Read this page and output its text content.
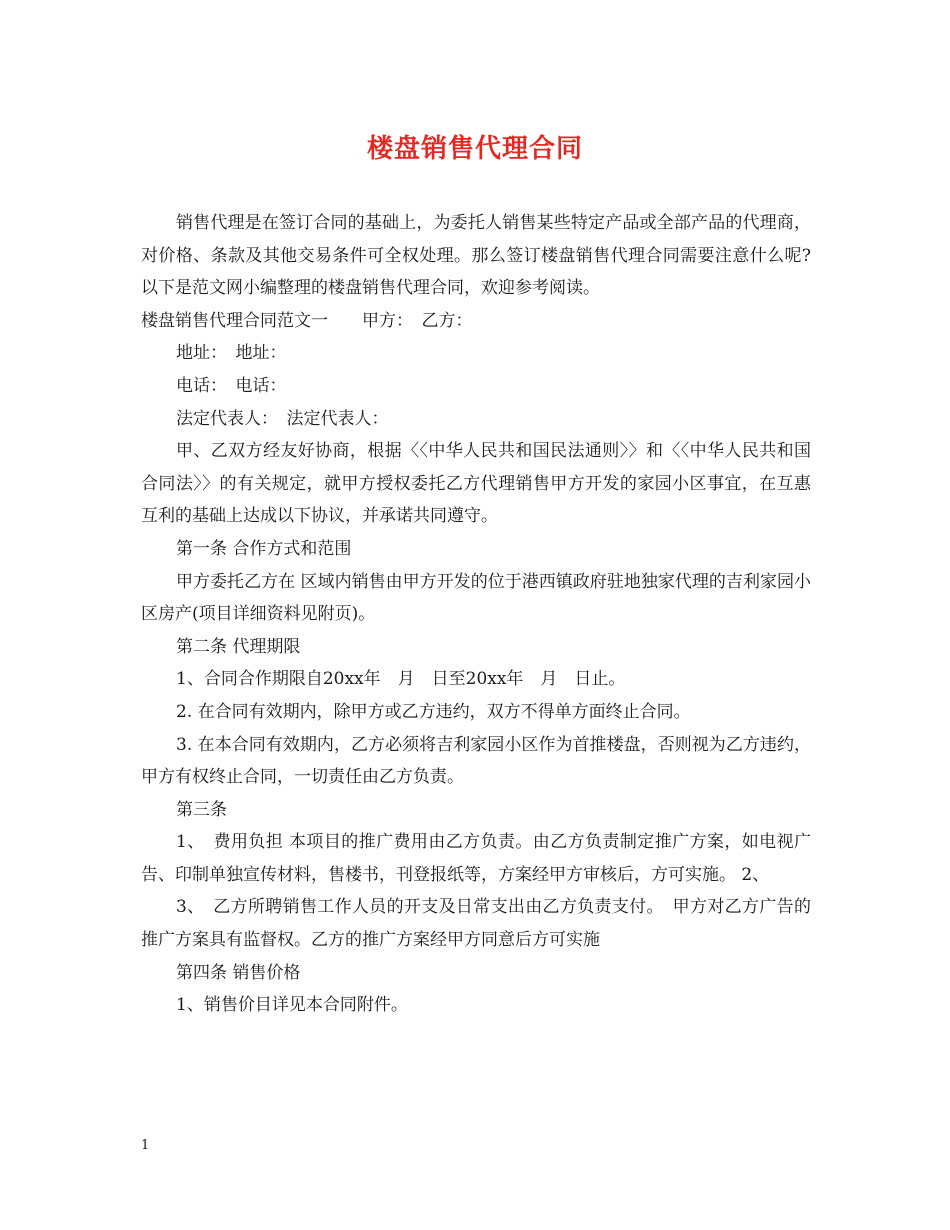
楼盘销售代理合同

销售代理是在签订合同的基础上，为委托人销售某些特定产品或全部产品的代理商，对价格、条款及其他交易条件可全权处理。那么签订楼盘销售代理合同需要注意什么呢?以下是范文网小编整理的楼盘销售代理合同，欢迎参考阅读。

楼盘销售代理合同范文一　　甲方：　乙方：

地址：　地址：

电话：　电话：

法定代表人：　法定代表人：

甲、乙双方经友好协商，根据〈〈中华人民共和国民法通则〉〉和〈〈中华人民共和国合同法〉〉的有关规定，就甲方授权委托乙方代理销售甲方开发的家园小区事宜，在互惠互利的基础上达成以下协议，并承诺共同遵守。

第一条 合作方式和范围

甲方委托乙方在 区域内销售由甲方开发的位于港西镇政府驻地独家代理的吉利家园小区房产(项目详细资料见附页)。

第二条 代理期限

1、合同合作期限自20xx年　月　日至20xx年　月　日止。

2. 在合同有效期内，除甲方或乙方违约，双方不得单方面终止合同。

3. 在本合同有效期内，乙方必须将吉利家园小区作为首推楼盘，否则视为乙方违约，甲方有权终止合同，一切责任由乙方负责。

第三条

1、　费用负担 本项目的推广费用由乙方负责。由乙方负责制定推广方案，如电视广告、印制单独宣传材料，售楼书，刊登报纸等，方案经甲方审核后，方可实施。 2、

3、　乙方所聘销售工作人员的开支及日常支出由乙方负责支付。　甲方对乙方广告的推广方案具有监督权。乙方的推广方案经甲方同意后方可实施

第四条 销售价格

1、销售价目详见本合同附件。

1
